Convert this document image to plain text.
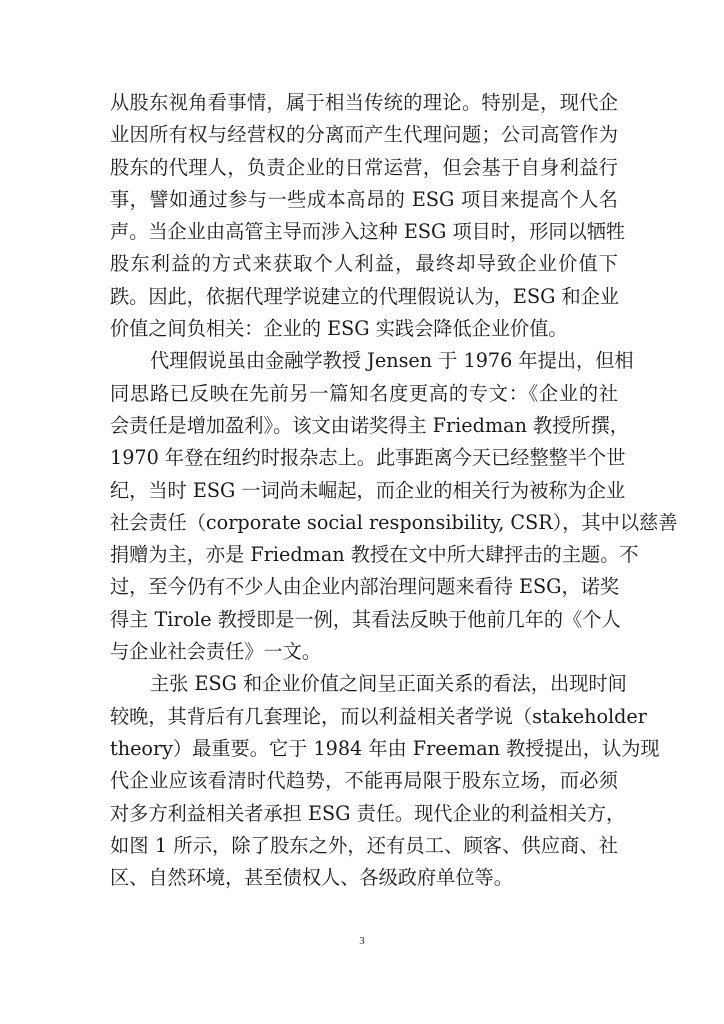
从股东视角看事情，属于相当传统的理论。特别是，现代企
业因所有权与经营权的分离而产生代理问题；公司高管作为
股东的代理人，负责企业的日常运营，但会基于自身利益行
事，譬如通过参与一些成本高昂的 ESG 项目来提高个人名
声。当企业由高管主导而涉入这种 ESG 项目时，形同以牺牲
股东利益的方式来获取个人利益，最终却导致企业价值下
跌。因此，依据代理学说建立的代理假说认为，ESG 和企业
价值之间负相关：企业的 ESG 实践会降低企业价值。
代理假说虽由金融学教授 Jensen 于 1976 年提出，但相
同思路已反映在先前另一篇知名度更高的专文：《企业的社
会责任是增加盈利》。该文由诺奖得主 Friedman 教授所撰，
1970 年登在纽约时报杂志上。此事距离今天已经整整半个世
纪，当时 ESG 一词尚未崛起，而企业的相关行为被称为企业
社会责任（corporate social responsibility, CSR），其中以慈善
捐赠为主，亦是 Friedman 教授在文中所大肆抨击的主题。不
过，至今仍有不少人由企业内部治理问题来看待 ESG，诺奖
得主 Tirole 教授即是一例，其看法反映于他前几年的《个人
与企业社会责任》一文。
主张 ESG 和企业价值之间呈正面关系的看法，出现时间
较晚，其背后有几套理论，而以利益相关者学说（stakeholder
theory）最重要。它于 1984 年由 Freeman 教授提出，认为现
代企业应该看清时代趋势，不能再局限于股东立场，而必须
对多方利益相关者承担 ESG 责任。现代企业的利益相关方，
如图 1 所示，除了股东之外，还有员工、顾客、供应商、社
区、自然环境，甚至债权人、各级政府单位等。
3
